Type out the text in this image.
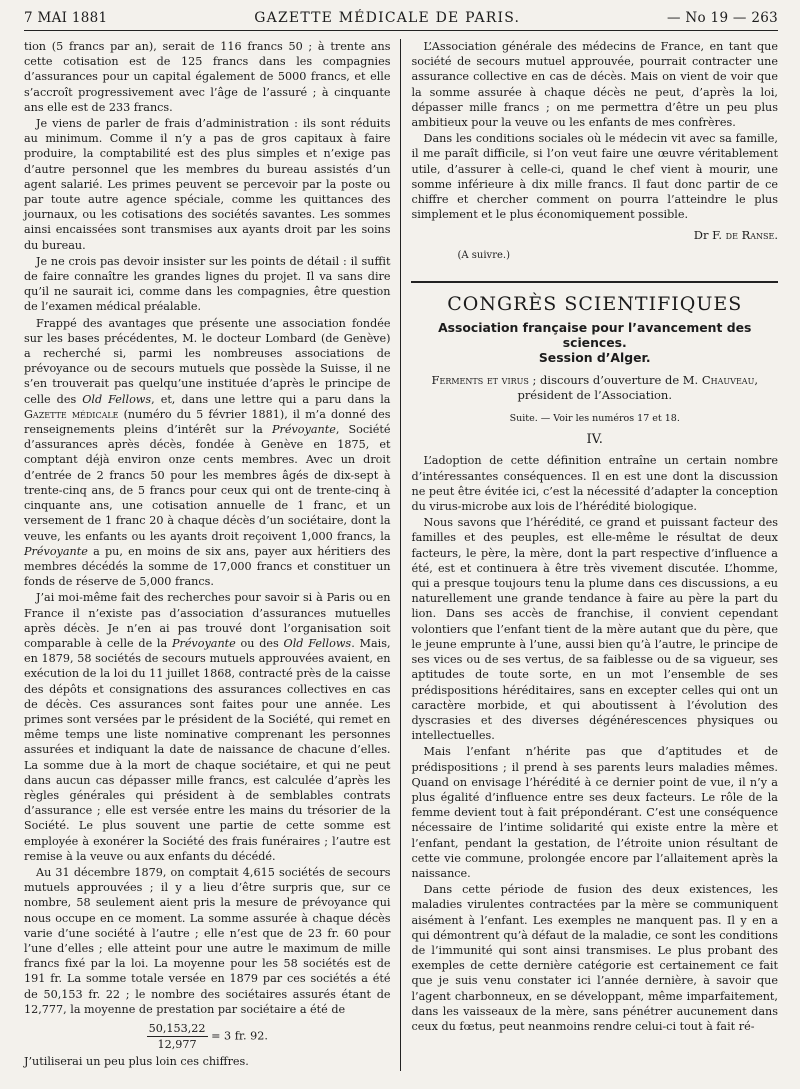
7 MAI 1881	GAZETTE MÉDICALE DE PARIS.	— No 19 — 263

tion (5 francs par an), serait de 116 francs 50 ; à trente ans cette cotisation est de 125 francs dans les compagnies d’assurances pour un capital également de 5000 francs, et elle s’accroît progressivement avec l’âge de l’assuré ; à cinquante ans elle est de 233 francs.

Je viens de parler de frais d’administration : ils sont réduits au minimum. Comme il n’y a pas de gros capitaux à faire produire, la comptabilité est des plus simples et n’exige pas d’autre personnel que les membres du bureau assistés d’un agent salarié. Les primes peuvent se percevoir par la poste ou par toute autre agence spéciale, comme les quittances des journaux, ou les cotisations des sociétés savantes. Les sommes ainsi encaissées sont transmises aux ayants droit par les soins du bureau.

Je ne crois pas devoir insister sur les points de détail : il suffit de faire connaître les grandes lignes du projet. Il va sans dire qu’il ne saurait ici, comme dans les compagnies, être question de l’examen médical préalable.

Frappé des avantages que présente une association fondée sur les bases précédentes, M. le docteur Lombard (de Genève) a recherché si, parmi les nombreuses associations de prévoyance ou de secours mutuels que possède la Suisse, il ne s’en trouverait pas quelqu’une instituée d’après le principe de celle des Old Fellows, et, dans une lettre qui a paru dans la Gazette médicale (numéro du 5 février 1881), il m’a donné des renseignements pleins d’intérêt sur la Prévoyante, Société d’assurances après décès, fondée à Genève en 1875, et comptant déjà environ onze cents membres. Avec un droit d’entrée de 2 francs 50 pour les membres âgés de dix-sept à trente-cinq ans, de 5 francs pour ceux qui ont de trente-cinq à cinquante ans, une cotisation annuelle de 1 franc, et un versement de 1 franc 20 à chaque décès d’un sociétaire, dont la veuve, les enfants ou les ayants droit reçoivent 1,000 francs, la Prévoyante a pu, en moins de six ans, payer aux héritiers des membres décédés la somme de 17,000 francs et constituer un fonds de réserve de 5,000 francs.

J’ai moi-même fait des recherches pour savoir si à Paris ou en France il n’existe pas d’association d’assurances mutuelles après décès. Je n’en ai pas trouvé dont l’organisation soit comparable à celle de la Prévoyante ou des Old Fellows. Mais, en 1879, 58 sociétés de secours mutuels approuvées avaient, en exécution de la loi du 11 juillet 1868, contracté près de la caisse des dépôts et consignations des assurances collectives en cas de décès. Ces assurances sont faites pour une année. Les primes sont versées par le président de la Société, qui remet en même temps une liste nominative comprenant les personnes assurées et indiquant la date de naissance de chacune d’elles. La somme due à la mort de chaque sociétaire, et qui ne peut dans aucun cas dépasser mille francs, est calculée d’après les règles générales qui président à de semblables contrats d’assurance ; elle est versée entre les mains du trésorier de la Société. Le plus souvent une partie de cette somme est employée à exonérer la Société des frais funéraires ; l’autre est remise à la veuve ou aux enfants du décédé.

Au 31 décembre 1879, on comptait 4,615 sociétés de secours mutuels approuvées ; il y a lieu d’être surpris que, sur ce nombre, 58 seulement aient pris la mesure de prévoyance qui nous occupe en ce moment. La somme assurée à chaque décès varie d’une société à l’autre ; elle n’est que de 23 fr. 60 pour l’une d’elles ; elle atteint pour une autre le maximum de mille francs fixé par la loi. La moyenne pour les 58 sociétés est de 191 fr. La somme totale versée en 1879 par ces sociétés a été de 50,153 fr. 22 ; le nombre des sociétaires assurés étant de 12,777, la moyenne de prestation par sociétaire a été de

$\frac{50,153,22}{12,977} = 3$ fr. 92.

J’utiliserai un peu plus loin ces chiffres.

L’Association générale des médecins de France, en tant que société de secours mutuel approuvée, pourrait contracter une assurance collective en cas de décès. Mais on vient de voir que la somme assurée à chaque décès ne peut, d’après la loi, dépasser mille francs ; on me permettra d’être un peu plus ambitieux pour la veuve ou les enfants de mes confrères.

Dans les conditions sociales où le médecin vit avec sa famille, il me paraît difficile, si l’on veut faire une œuvre véritablement utile, d’assurer à celle-ci, quand le chef vient à mourir, une somme inférieure à dix mille francs. Il faut donc partir de ce chiffre et chercher comment on pourra l’atteindre le plus simplement et le plus économiquement possible.

Dr F. de Ranse.
(A suivre.)
CONGRÈS SCIENTIFIQUES
Association française pour l’avancement des sciences.
Session d’Alger.
Ferments et virus ; discours d’ouverture de M. Chauveau,
président de l’Association.
Suite. — Voir les numéros 17 et 18.
IV.

L’adoption de cette définition entraîne un certain nombre d’intéressantes conséquences. Il en est une dont la discussion ne peut être évitée ici, c’est la nécessité d’adapter la conception du virus-microbe aux lois de l’hérédité biologique.

Nous savons que l’hérédité, ce grand et puissant facteur des familles et des peuples, est elle-même le résultat de deux facteurs, le père, la mère, dont la part respective d’influence a été, est et continuera à être très vivement discutée. L’homme, qui a presque toujours tenu la plume dans ces discussions, a eu naturellement une grande tendance à faire au père la part du lion. Dans ses accès de franchise, il convient cependant volontiers que l’enfant tient de la mère autant que du père, que le jeune emprunte à l’une, aussi bien qu’à l’autre, le principe de ses vices ou de ses vertus, de sa faiblesse ou de sa vigueur, ses aptitudes de toute sorte, en un mot l’ensemble de ses prédispositions héréditaires, sans en excepter celles qui ont un caractère morbide, et qui aboutissent à l’évolution des dyscrasies et des diverses dégénérescences physiques ou intellectuelles.

Mais l’enfant n’hérite pas que d’aptitudes et de prédispositions ; il prend à ses parents leurs maladies mêmes. Quand on envisage l’hérédité à ce dernier point de vue, il n’y a plus égalité d’influence entre ses deux facteurs. Le rôle de la femme devient tout à fait prépondérant. C’est une conséquence nécessaire de l’intime solidarité qui existe entre la mère et l’enfant, pendant la gestation, de l’étroite union résultant de cette vie commune, prolongée encore par l’allaitement après la naissance.

Dans cette période de fusion des deux existences, les maladies virulentes contractées par la mère se communiquent aisément à l’enfant. Les exemples ne manquent pas. Il y en a qui démontrent qu’à défaut de la maladie, ce sont les conditions de l’immunité qui sont ainsi transmises. Le plus probant des exemples de cette dernière catégorie est certainement ce fait que je suis venu constater ici l’année dernière, à savoir que l’agent charbonneux, en se développant, même imparfaitement, dans les vaisseaux de la mère, sans pénétrer aucunement dans ceux du fœtus, peut neanmoins rendre celui-ci tout à fait ré-
